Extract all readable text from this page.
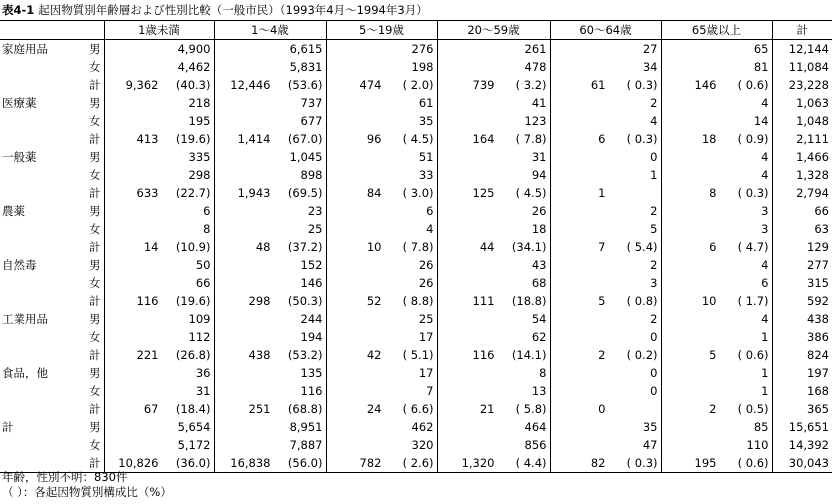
表4-1 起因物質別年齢層および性別比較（一般市民）（1993年4月～1994年3月）
		1歳未満	1～4歳	5～19歳	20～59歳	60～64歳	65歳以上	計
家庭用品	男	4,900	6,615	276	261	27	65	12,144
	女	4,462	5,831	198	478	34	81	11,084
	計	9,362 (40.3)	12,446 (53.6)	474 ( 2.0)	739 ( 3.2)	61 ( 0.3)	146 ( 0.6)	23,228
医療薬	男	218	737	61	41	2	4	1,063
	女	195	677	35	123	4	14	1,048
	計	413 (19.6)	1,414 (67.0)	96 ( 4.5)	164 ( 7.8)	6 ( 0.3)	18 ( 0.9)	2,111
一般薬	男	335	1,045	51	31	0	4	1,466
	女	298	898	33	94	1	4	1,328
	計	633 (22.7)	1,943 (69.5)	84 ( 3.0)	125 ( 4.5)	1	8 ( 0.3)	2,794
農薬	男	6	23	6	26	2	3	66
	女	8	25	4	18	5	3	63
	計	14 (10.9)	48 (37.2)	10 ( 7.8)	44 (34.1)	7 ( 5.4)	6 ( 4.7)	129
自然毒	男	50	152	26	43	2	4	277
	女	66	146	26	68	3	6	315
	計	116 (19.6)	298 (50.3)	52 ( 8.8)	111 (18.8)	5 ( 0.8)	10 ( 1.7)	592
工業用品	男	109	244	25	54	2	4	438
	女	112	194	17	62	0	1	386
	計	221 (26.8)	438 (53.2)	42 ( 5.1)	116 (14.1)	2 ( 0.2)	5 ( 0.6)	824
食品，他	男	36	135	17	8	0	1	197
	女	31	116	7	13	0	1	168
	計	67 (18.4)	251 (68.8)	24 ( 6.6)	21 ( 5.8)	0	2 ( 0.5)	365
計	男	5,654	8,951	462	464	35	85	15,651
	女	5,172	7,887	320	856	47	110	14,392
	計	10,826 (36.0)	16,838 (56.0)	782 ( 2.6)	1,320 ( 4.4)	82 ( 0.3)	195 ( 0.6)	30,043
年齢，性別不明：830件
（ ）：各起因物質別構成比（%）
